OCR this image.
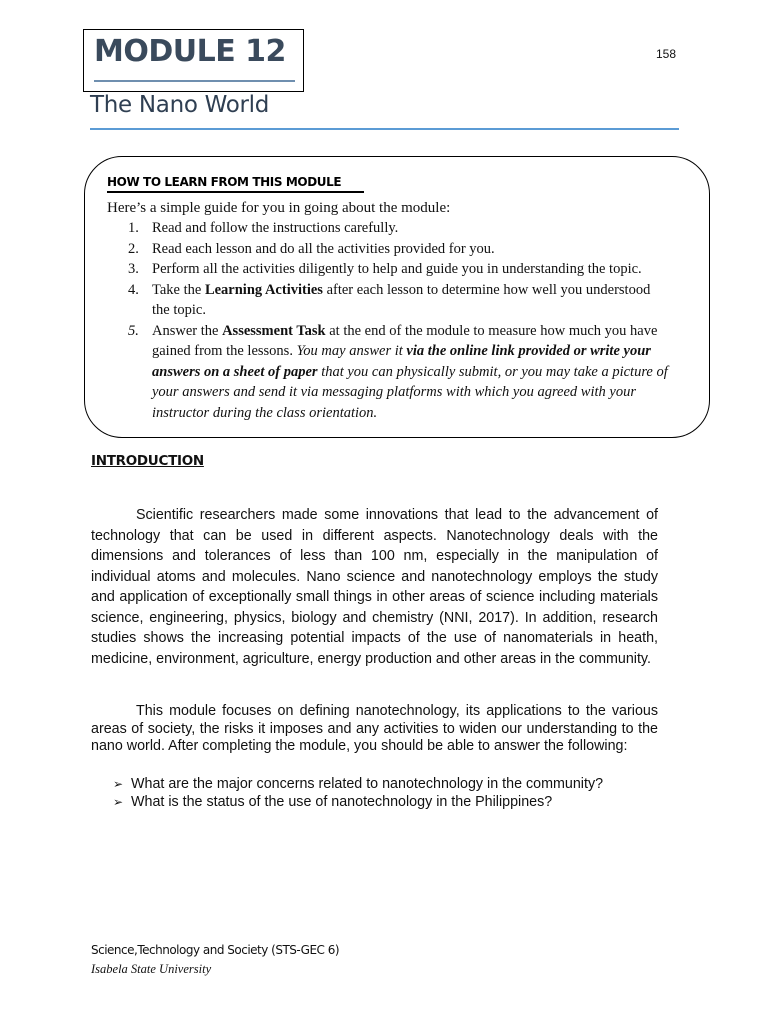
MODULE 12	158
The Nano World
HOW TO LEARN FROM THIS MODULE
Here’s a simple guide for you in going about the module:
1. Read and follow the instructions carefully.
2. Read each lesson and do all the activities provided for you.
3. Perform all the activities diligently to help and guide you in understanding the topic.
4. Take the Learning Activities after each lesson to determine how well you understood the topic.
5. Answer the Assessment Task at the end of the module to measure how much you have gained from the lessons. You may answer it via the online link provided or write your answers on a sheet of paper that you can physically submit, or you may take a picture of your answers and send it via messaging platforms with which you agreed with your instructor during the class orientation.
INTRODUCTION

Scientific researchers made some innovations that lead to the advancement of technology that can be used in different aspects. Nanotechnology deals with the dimensions and tolerances of less than 100 nm, especially in the manipulation of individual atoms and molecules. Nano science and nanotechnology employs the study and application of exceptionally small things in other areas of science including materials science, engineering, physics, biology and chemistry (NNI, 2017). In addition, research studies shows the increasing potential impacts of the use of nanomaterials in heath, medicine, environment, agriculture, energy production and other areas in the community.

This module focuses on defining nanotechnology, its applications to the various areas of society, the risks it imposes and any activities to widen our understanding to the nano world. After completing the module, you should be able to answer the following:

➢ What are the major concerns related to nanotechnology in the community?
➢ What is the status of the use of nanotechnology in the Philippines?
Science,Technology and Society (STS-GEC 6)
Isabela State University
